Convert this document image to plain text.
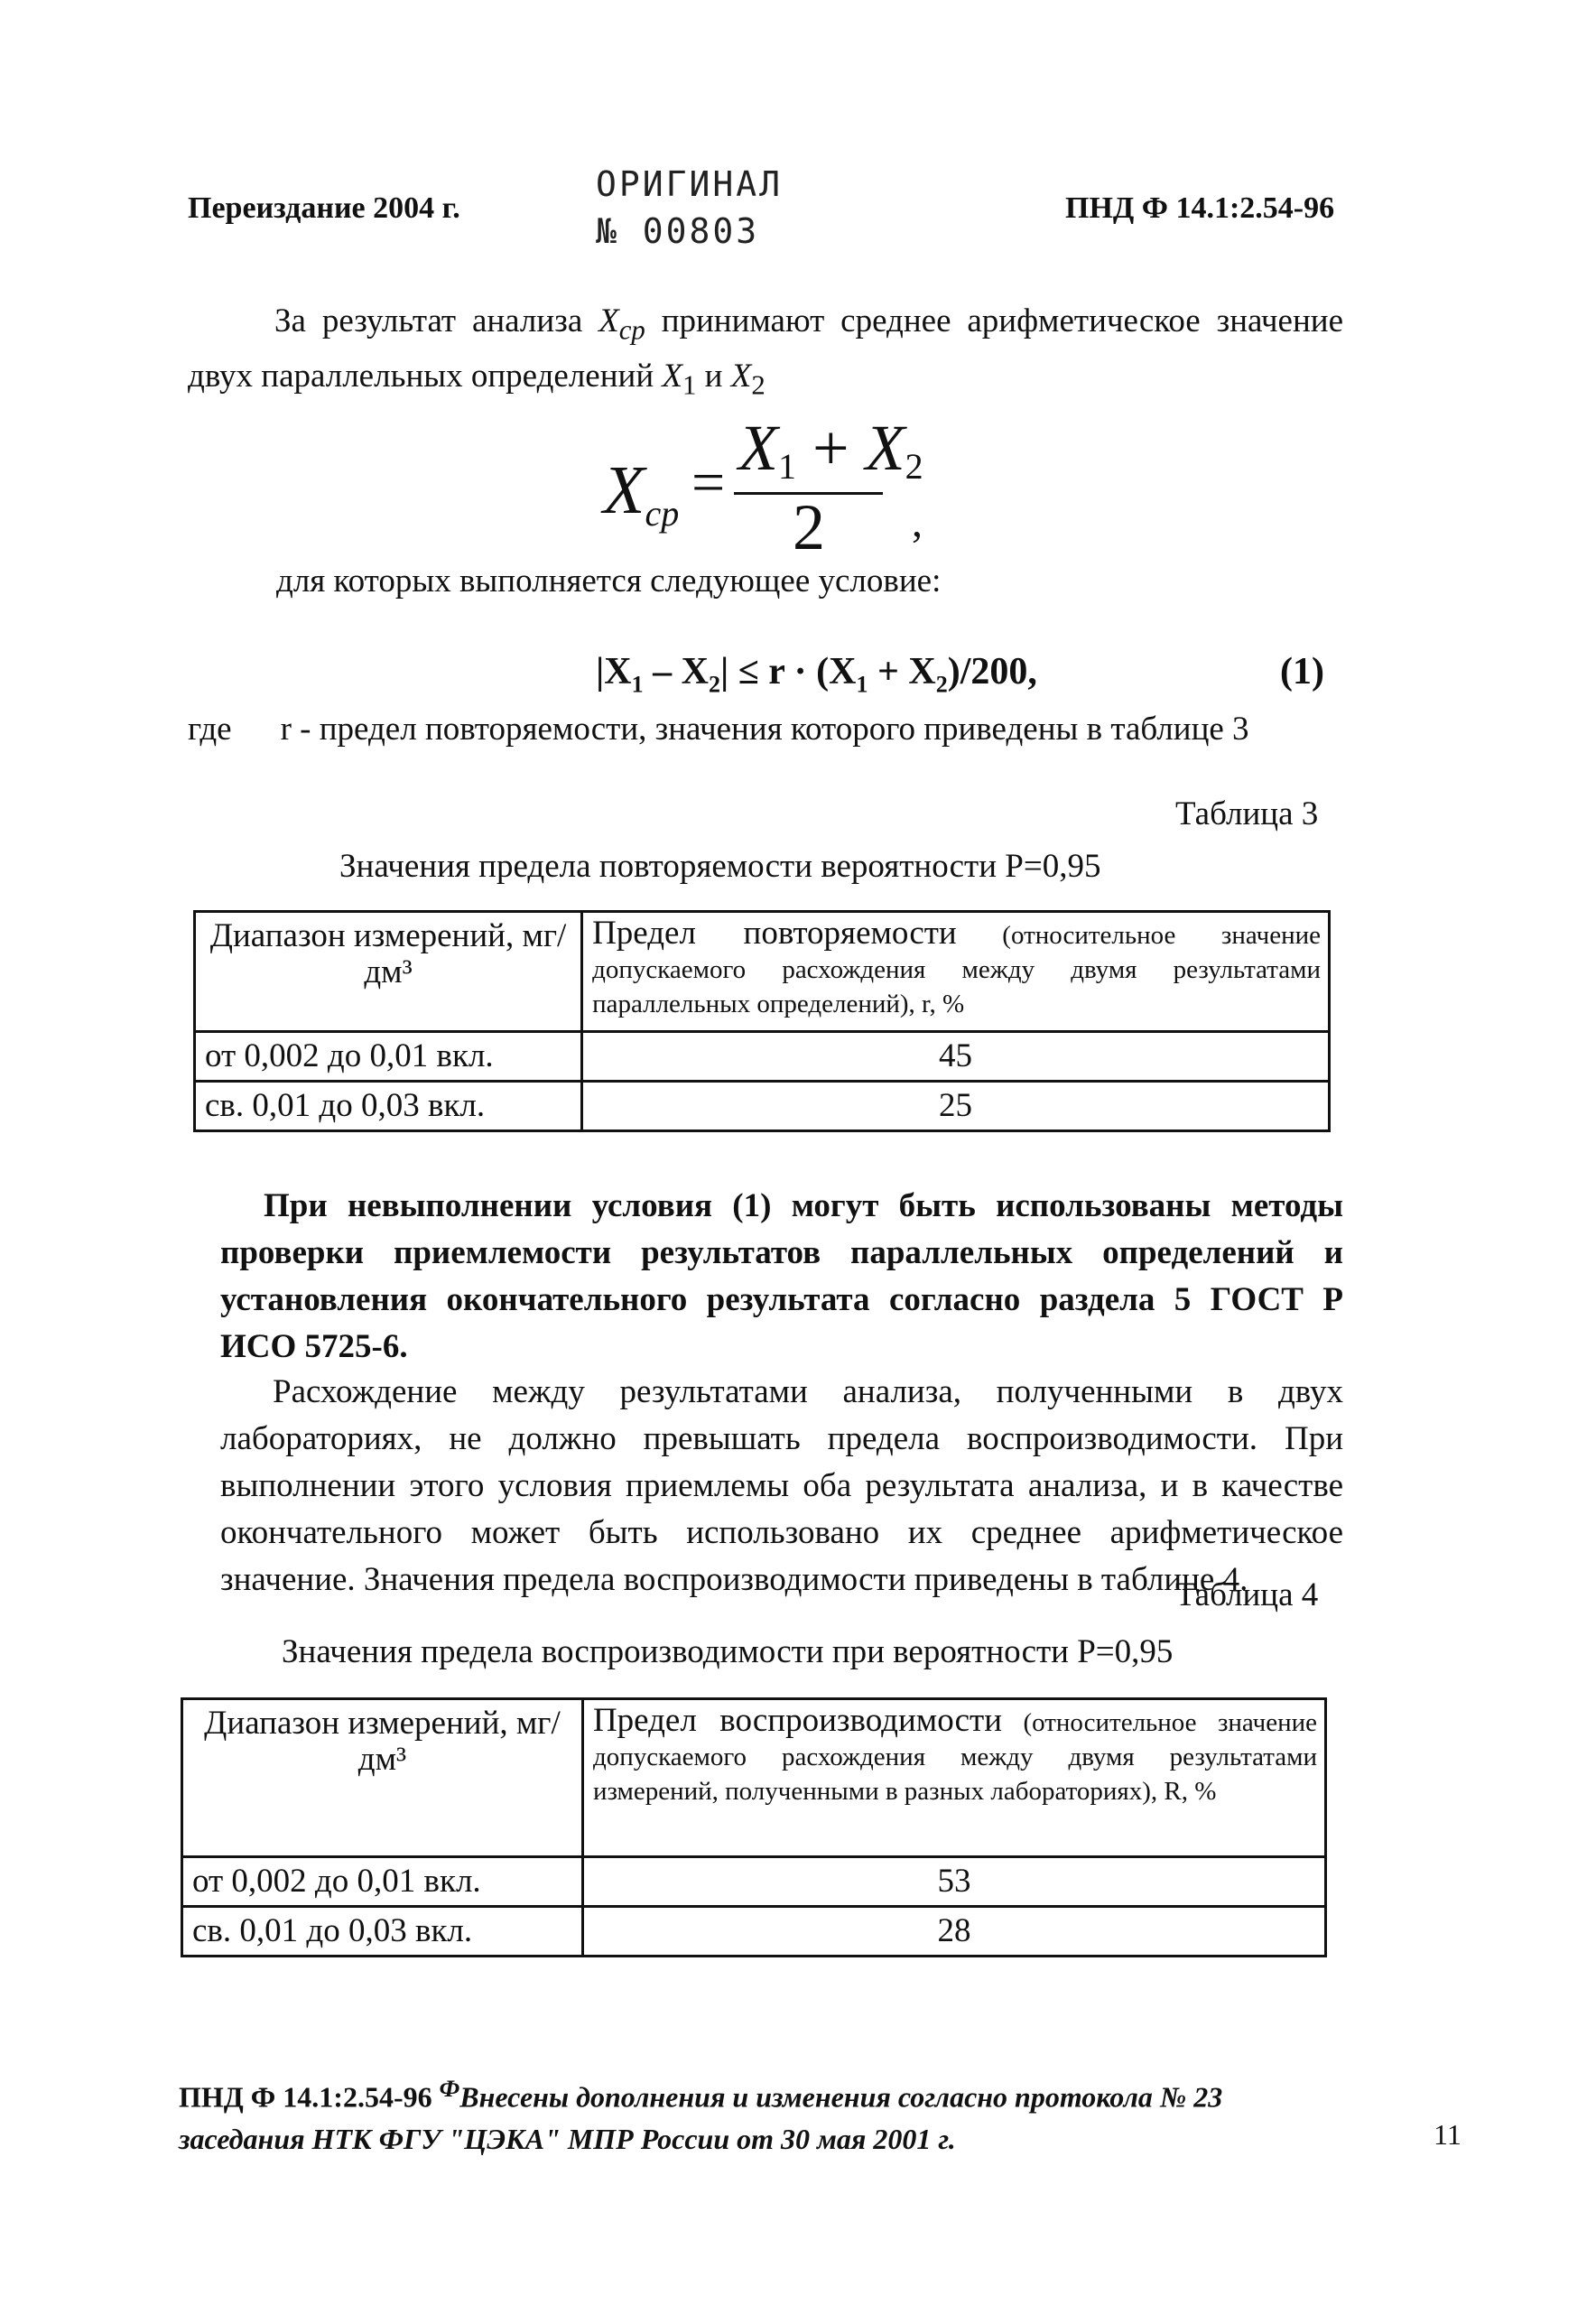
Переиздание 2004 г.
ОРИГИНАЛ
№ 00803
ПНД Ф 14.1:2.54-96
За результат анализа $X_{ср}$ принимают среднее арифметическое значение двух параллельных определений $X_1$ и $X_2$
$X_{cp} = X_1 + X_2$
2 ,
для которых выполняется следующее условие:
$|X_1 - X_2| \le r \cdot (X_1 + X_2)/200$,	(1)
где r - предел повторяемости, значения которого приведены в таблице 3
Таблица 3
Значения предела повторяемости вероятности Р=0,95
Диапазон измерений, мг/дм³	Предел повторяемости (относительное значение допускаемого расхождения между двумя результатами параллельных определений), r, %
от 0,002 до 0,01 вкл.	45
св. 0,01 до 0,03 вкл.	25
При невыполнении условия (1) могут быть использованы методы проверки приемлемости результатов параллельных определений и установления окончательного результата согласно раздела 5 ГОСТ Р ИСО 5725-6.
Расхождение между результатами анализа, полученными в двух лабораториях, не должно превышать предела воспроизводимости. При выполнении этого условия приемлемы оба результата анализа, и в качестве окончательного может быть использовано их среднее арифметическое значение. Значения предела воспроизводимости приведены в таблице 4.
Таблица 4
Значения предела воспроизводимости при вероятности Р=0,95
Диапазон измерений, мг/дм³	Предел воспроизводимости (относительное значение допускаемого расхождения между двумя результатами измерений, полученными в разных лабораториях), R, %
от 0,002 до 0,01 вкл.	53
св. 0,01 до 0,03 вкл.	28
ПНД Ф 14.1:2.54-96 $^Ф$Внесены дополнения и изменения согласно протокола № 23 заседания НТК ФГУ "ЦЭКА" МПР России от 30 мая 2001 г.	11
